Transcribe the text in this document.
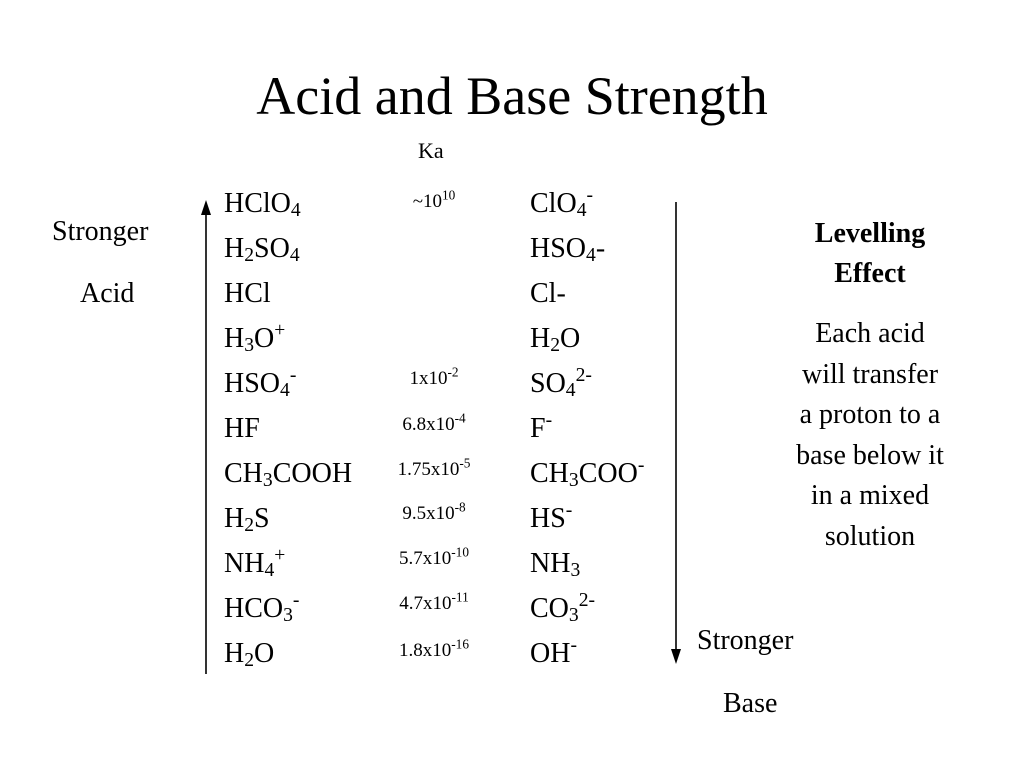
Acid and Base Strength
Ka
HClO$_4$	$\sim 10^{10}$	ClO$_4$-
$H_2SO_4$	$HSO_4-$
HCl	Cl-
$H_3O^+$	$H_2O$
$HSO_4^-$	$1x10^{-2}$	$SO_4^{2-}$
HF	$6.8x10^{-4}$ F-
$CH_3COOH$ $1.75x10^{-5}$ $CH_3COO^-$
$H_2S$	$9.5x10^{-8}$ HS-
$NH_4^+$	$5.7x10^{-10}$ $NH_3$
$HCO_3^-$	$4.7x10^{-11}$ $CO_3^{2-}$
$H_2O$	$1.8x10^{-16}$ OH-
Stronger
Acid
Stronger
Base
Levelling
Effect
Each acid
will transfer
a proton to a
base below it
in a mixed
solution
